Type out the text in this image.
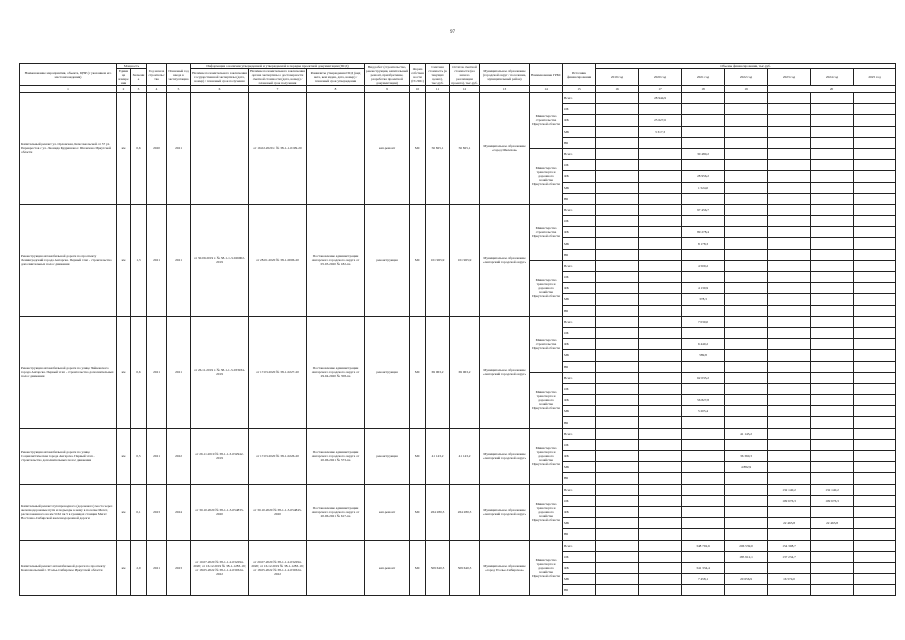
97
Наименование мероприятия, объекта, ЦНР (с указанием его местонахождения)	Мощность		Год начала строительства	Плановый год ввода в эксплуатацию	Информация о наличии утвержденной и утверждаемой в порядке проектной документации (ПСД)			Вид работ (строительство, реконструкция, капитальный ремонт, приобретение, разработка проектной документации)	Форма собственности (ГС/МС)	Сметная стоимость (в текущих ценах), тыс.руб.	Остаток сметной стоимости (на начало реализации проекта), тыс.руб.	Муниципальное образование (городской округ / поселение, муниципальный район)	Наименование ГРБС	Источник финансирования	Объемы финансирования, тыс.руб.						
	Единица измерения	Значение			Наличие положительного заключения государственной экспертизы (дата, номер) / плановый срок получения	Наличие положительного заключения органа экспертизы о достоверности сметной стоимости (дата, номер) / плановый срок получения	Реквизиты утверждения ПСД (вид акта, кем издан, дата, номер) / плановый срок утверждения								2019 год	2020 год	2021 год	2022 год	2023 год	2024 год	2025 год
1	2	3	4	5	6	7	8	9	10	11	12	13	14	15	16	17	18	19	20		
Капитальный ремонт ул. Орловская, Комсомольской от 37 ул. Перекрестов с ул. Леонида Кудряшова г. Шелехово Иркутской области	км	0,6	2020	2021		от 16.02.2020 г. № 38-1-1-0199-20		кап.ремонт	МС	56 825,1	56 825,1	Муниципальное образование «город Шелехов»	Министерство строительства Иркутской области	Всего		28 944,9					
														ОБ							
														ФБ		25 627,6					
														МБ		3 317,3					
														ВБ							
													Министерство транспорта и дорожного хозяйства Иркутской области	Всего			30 480,2				
														ОБ							
														ФБ			28 956,2				
														МБ			1 524,0				
														ВБ							
Реконструкция автомобильной дороги по проспекту Ленинградский города Ангарска. Первый этап - строительство дополнительных полос движения	км	1,3	2021	2021	от 30.09.2019 г. № 38-1-1-3-026902-2019	от 28.01.2020 № 38-1-0006-20	Постановление администрации Ангарского городского округа от 05.03.2020 № 182-па	реконструкция	МС	101 965,9	101 965,9	Муниципальное образование «Ангарский городской округ»	Министерство строительства Иркутской области	Всего			97 456,7				
														ОБ							
														ФБ			89 278,4				
														МБ			8 178,3				
														ВБ							
													Министерство транспорта и дорожного хозяйства Иркутской области	Всего			4 509,2				
														ОБ							
														ФБ			4 130,9				
														МБ			378,3				
														ВБ							
Реконструкция автомобильной дороги по улице Чайковского города Ангарска. Первый этап - строительство дополнительных полос движения	км	0,6	2021	2021	от 26.11.2019 г. № 38-1-1-3-033934-2019	от 17.03.2020 № 38-1-0227-20	Постановление администрации Ангарского городского округа от 29.04.2020 № 358-па	реконструкция	МС	69 063,2	69 063,2	Муниципальное образование «Ангарский городской округ»	Министерство строительства Иркутской области	Всего			7 030,0				
														ОБ							
														ФБ			6 440,2				
														МБ			589,8				
														ВБ							
													Министерство транспорта и дорожного хозяйства Иркутской области	Всего			62 033,2				
														ОБ							
														ФБ			56 827,8				
														МБ			5 205,4				
														ВБ							
Реконструкция автомобильной дороги по улице Социалистическая города Ангарска. Первый этап - строительство дополнительных полос движения	км	0,5	2021	2022	от 26.11.2019 № 38-1-1-3-032942-2019	от 17.03.2020 № 38-1-0226-20	Постановление администрации Ангарского городского округа от 20.06.2021 № 573-па	реконструкция	МС	41 143,2	41 143,2	Муниципальное образование «Ангарский городской округ»	Министерство транспорта и дорожного хозяйства Иркутской области	Всего				41 143,2			
														ОБ							
														ФБ				36 360,3			
														МБ				4 882,9			
														ВБ							
Капитальный ремонт путепроводного (дорожного) моста через железнодорожные пути и подъезды к нему в поселке Мегет, расположенного на км 5162 пк 5 в границах станции Мегет Восточно-Сибирской железнодорожной дороги	км	0,1	2023	2024	от 30.10.2020 № 38-1-1-3-054833-2020	от 30.10.2020 № 38-1-1-3-054843-2020	Постановление администрации Ангарского городского округа от 20.06.2021 № 617-па	кап.ремонт	МС	264 280,3	264 280,3	Муниципальное образование «Ангарский городской округ»	Министерство транспорта и дорожного хозяйства Иркутской области	Всего					132 140,2	132 140,2	
														ОБ					109 676,3	109 676,3	
														ФБ							
														МБ					22 463,8	22 463,8	
														ВБ							
Капитальный ремонт автомобильной дороги по проспекту Комсомольский г. Усолье-Сибирское Иркутской области	км	2,9	2021	2023	от 10.07.2020 № 38-1-1-2-032294-2020; от 16.12.2019 № 38-1-1283-19; от 18.05.2022 № 38-1-1-2-030324-2022	от 20.07.2020 № 38-1-1-2-032294-2020; от 16.12.2019 № 38-1-1283-19; от 18.05.2022 № 38-1-1-2-030324-2022		кап.ремонт	МС	509 640,3	509 640,3	Муниципальное образование «город Усолье-Сибирское»	Министерство транспорта и дорожного хозяйства Иркутской области	Всего			348 792,6	206 539,0	154 308,7		
														ОБ				185 912,1	137 234,7		
														ФБ			341 334,4				
														МБ			7 458,1	20 656,9	16 574,0		
														ВБ							
